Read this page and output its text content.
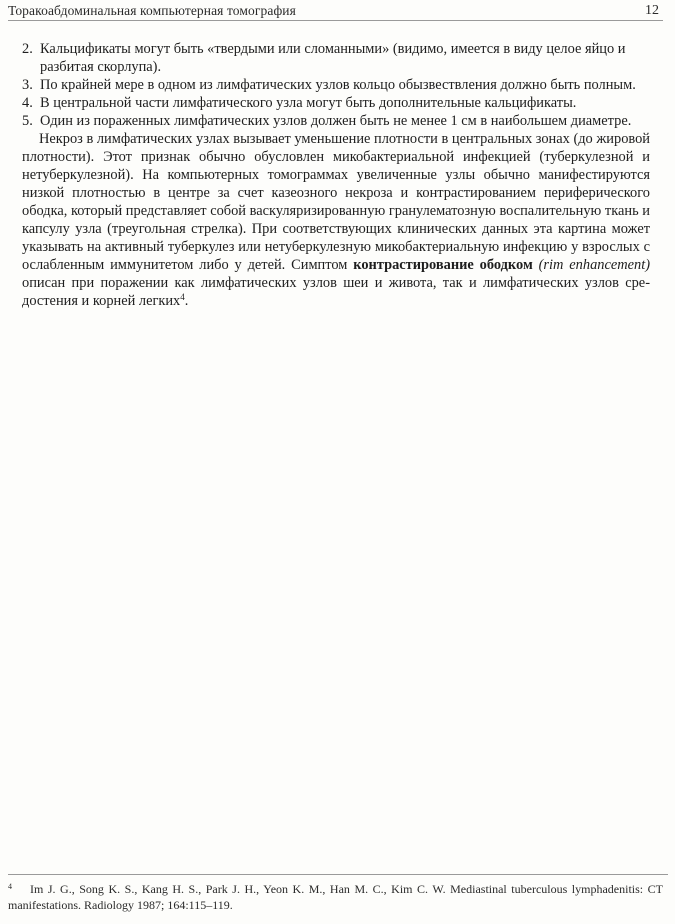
Торакоабдоминальная компьютерная томография	12
2. Кальцификаты могут быть «твердыми или сломанными» (видимо, имеется в виду целое яйцо и разбитая скорлупа).
3. По крайней мере в одном из лимфатических узлов кольцо обызвествления должно быть полным.
4. В центральной части лимфатического узла могут быть дополнительные кальцификаты.
5. Один из пораженных лимфатических узлов должен быть не менее 1 см в наибольшем диаметре.

Некроз в лимфатических узлах вызывает уменьшение плотности в центральных зонах (до жировой плотности). Этот признак обычно обусловлен микобактериальной инфекцией (туберкулезной и нетуберкулезной). На компьютерных томограммах увеличенные узлы обычно манифестируются низкой плотностью в центре за счет казеозного некроза и контрастированием периферического ободка, который представляет собой васкуляризированную гранулематозную воспалительную ткань и капсулу узла (треугольная стрелка). При соответствующих клинических данных эта картина может указывать на активный туберкулез или нетуберкулезную микобактериальную инфекцию у взрослых с ослабленным иммунитетом либо у детей. Симптом контрастирование ободком (rim enhancement) описан при поражении как лимфатических узлов шеи и живота, так и лимфатических узлов средостения и корней легких$^4$.

4 Im J. G., Song K. S., Kang H. S., Park J. H., Yeon K. M., Han M. C., Kim C. W. Mediastinal tuberculous lymphadenitis: CT manifestations. Radiology 1987; 164:115–119.
